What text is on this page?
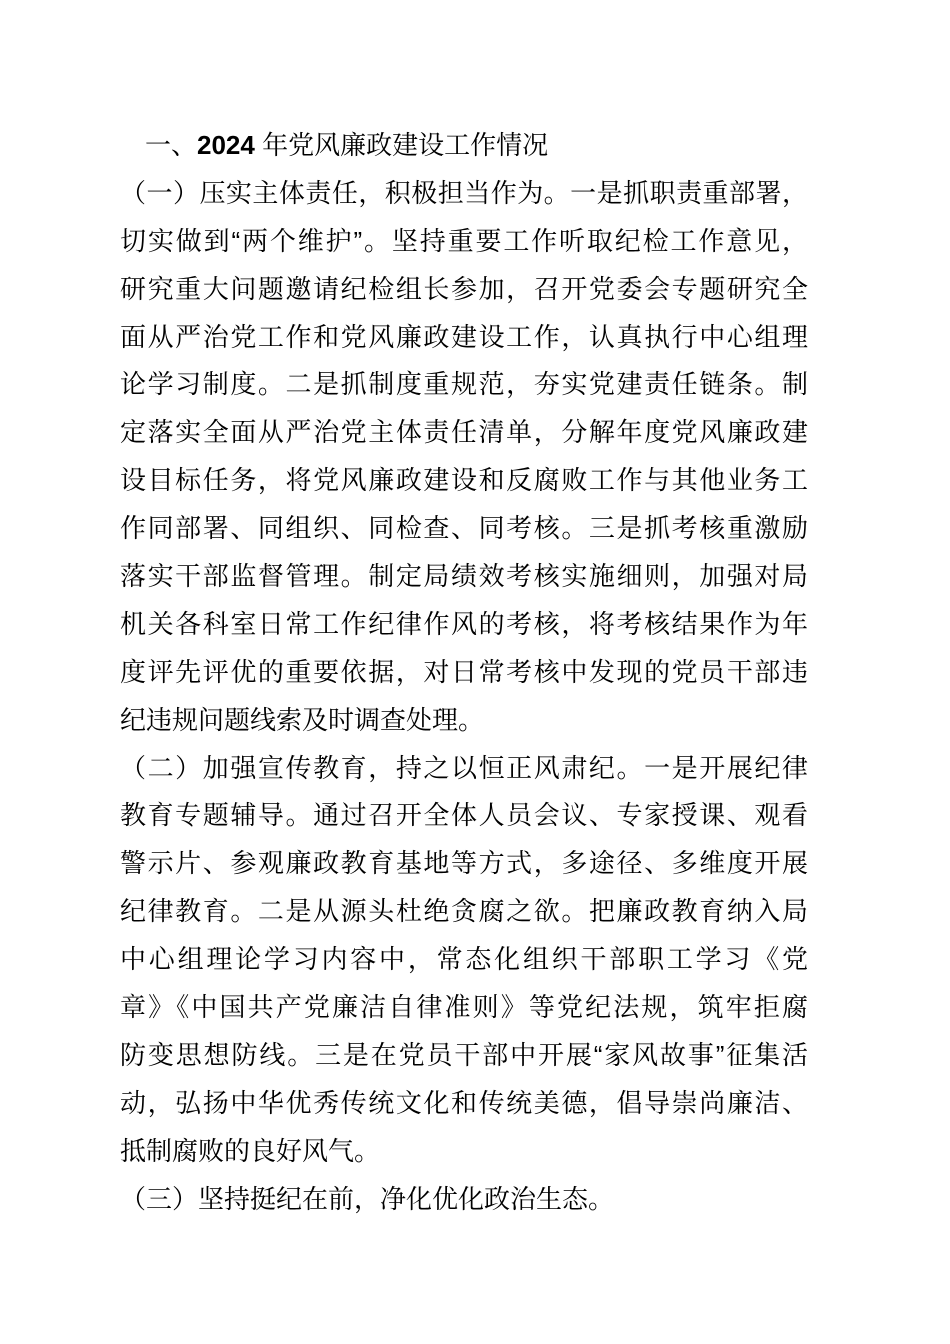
一、2024 年党风廉政建设工作情况
（一）压实主体责任，积极担当作为。一是抓职责重部署，
切实做到“两个维护”。坚持重要工作听取纪检工作意见，
研究重大问题邀请纪检组长参加，召开党委会专题研究全
面从严治党工作和党风廉政建设工作，认真执行中心组理
论学习制度。二是抓制度重规范，夯实党建责任链条。制
定落实全面从严治党主体责任清单，分解年度党风廉政建
设目标任务，将党风廉政建设和反腐败工作与其他业务工
作同部署、同组织、同检查、同考核。三是抓考核重激励
落实干部监督管理。制定局绩效考核实施细则，加强对局
机关各科室日常工作纪律作风的考核，将考核结果作为年
度评先评优的重要依据，对日常考核中发现的党员干部违
纪违规问题线索及时调查处理。
（二）加强宣传教育，持之以恒正风肃纪。一是开展纪律
教育专题辅导。通过召开全体人员会议、专家授课、观看
警示片、参观廉政教育基地等方式，多途径、多维度开展
纪律教育。二是从源头杜绝贪腐之欲。把廉政教育纳入局
中心组理论学习内容中，常态化组织干部职工学习《党
章》《中国共产党廉洁自律准则》等党纪法规，筑牢拒腐
防变思想防线。三是在党员干部中开展“家风故事”征集活
动，弘扬中华优秀传统文化和传统美德，倡导崇尚廉洁、
抵制腐败的良好风气。
（三）坚持挺纪在前，净化优化政治生态。
